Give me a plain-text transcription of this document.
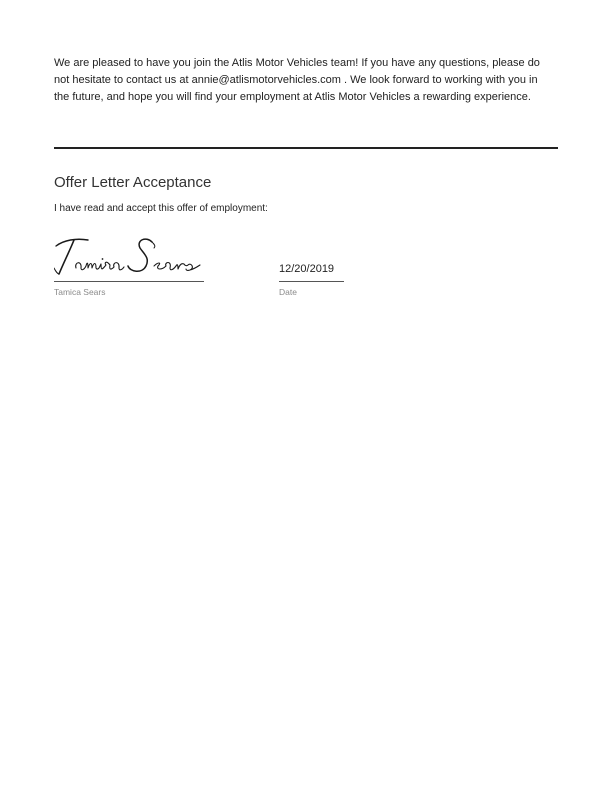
We are pleased to have you join the Atlis Motor Vehicles team! If you have any questions, please do not hesitate to contact us at annie@atlismotorvehicles.com . We look forward to working with you in the future, and hope you will find your employment at Atlis Motor Vehicles a rewarding experience.
Offer Letter Acceptance
I have read and accept this offer of employment:
Tamica Sears
12/20/2019
Date
